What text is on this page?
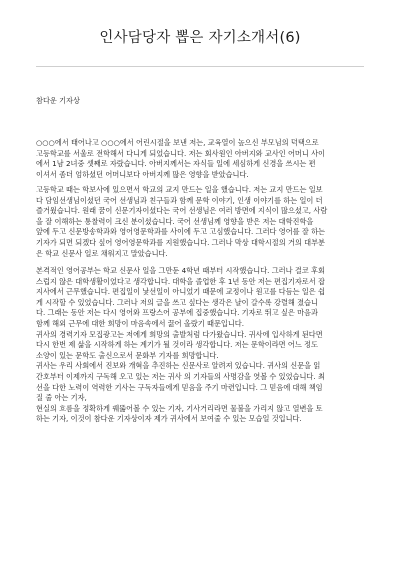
인사담당자 뽑은 자기소개서(6)
참다운 기자상
○○○에서 태어나고 ○○○에서 어린시절을 보낸 저는, 교육열이 높으신 부모님의 덕택으로
고등학교를 서울로 전학해서 다니게 되었습니다. 저는 회사원인 아버지와 교사인 어머니 사이
에서 1남 2녀중 셋째로 자랐습니다. 아버지께서는 자식들 일에 세심하게 신경을 쓰시는 편
이셔서 좀더 엄하셨던 어머니보다 아버지께 많은 영향을 받았습니다.
고등학교 때는 학보사에 있으면서 학교의 교지 만드는 일을 했습니다. 저는 교지 만드는 일보
다 담임선생님이셨던 국어 선생님과 친구들과 함께 문학 이야기, 인생 이야기를 하는 일이 더
즐거웠습니다. 원래 꿈이 신문기자이셨다는 국어 선생님은 여러 방면에 지식이 많으셨고, 사람
을 잘 이해하는 통찰력이 크신 분이셨습니다. 국어 선생님께 영향을 받은 저는 대학진학을
앞에 두고 신문방송학과와 영어영문학과를 사이에 두고 고심했습니다. 그러다 영어를 잘 하는
기자가 되면 되겠다 싶어 영어영문학과를 지원했습니다. 그러나 막상 대학시절의 거의 대부분
은 학교 신문사 일로 채워지고 말았습니다.
본격적인 영어공부는 학교 신문사 일을 그만둔 4학년 때부터 시작했습니다. 그러나 결코 후회
스럽지 않은 대학생활이었다고 생각합니다. 대학을 졸업한 후 1년 동안 저는 편집기자로서 잡
지사에서 근무했습니다. 편집일이 낯선일이 아니었기 때문에 교정이나 원고를 다듬는 일은 쉽
게 시작할 수 있었습니다. 그러나 저의 글을 쓰고 싶다는 생각은 날이 갈수록 강렬해 졌습니
다. 그래는 동안 저는 다시 영어와 프랑스어 공부에 집중했습니다. 기자로 뛰고 싶은 마음과
함께 해외 근무에 대한 희망이 마음속에서 끓어 올랐기 때문입니다.
귀사의 경력기자 모집광고는 저에게 희망의 출발처럼 다가왔습니다. 귀사에 입사하게 된다면
다시 한번 제 삶을 시작하게 하는 계기가 될 것이라 생각합니다. 저는 문학이라면 어느 정도
소양이 있는 문학도 출신으로서 문화부 기자를 희망합니다.
귀사는 우리 사회에서 진보와 개혁을 추진하는 신문사로 알려져 있습니다. 귀사의 신문을 읽
간호부터 이제까지 구독해 오고 있는 저는 귀사 의 기자들의 사명감을 엿볼 수 있었습니다. 최
선을 다한 노력이 역력한 기사는 구독자들에게 믿음을 주기 마련입니다. 그 믿음에 대해 책임
질 줄 아는 기자,
현실의 흐름을 정확하게 꿰뚫어볼 수 있는 기자, 기사거리라면 물불을 가리지 않고 열변을 토
하는 기자, 이것이 참다운 기자상이자 제가 귀사에서 보여줄 수 있는 모습일 것입니다.
